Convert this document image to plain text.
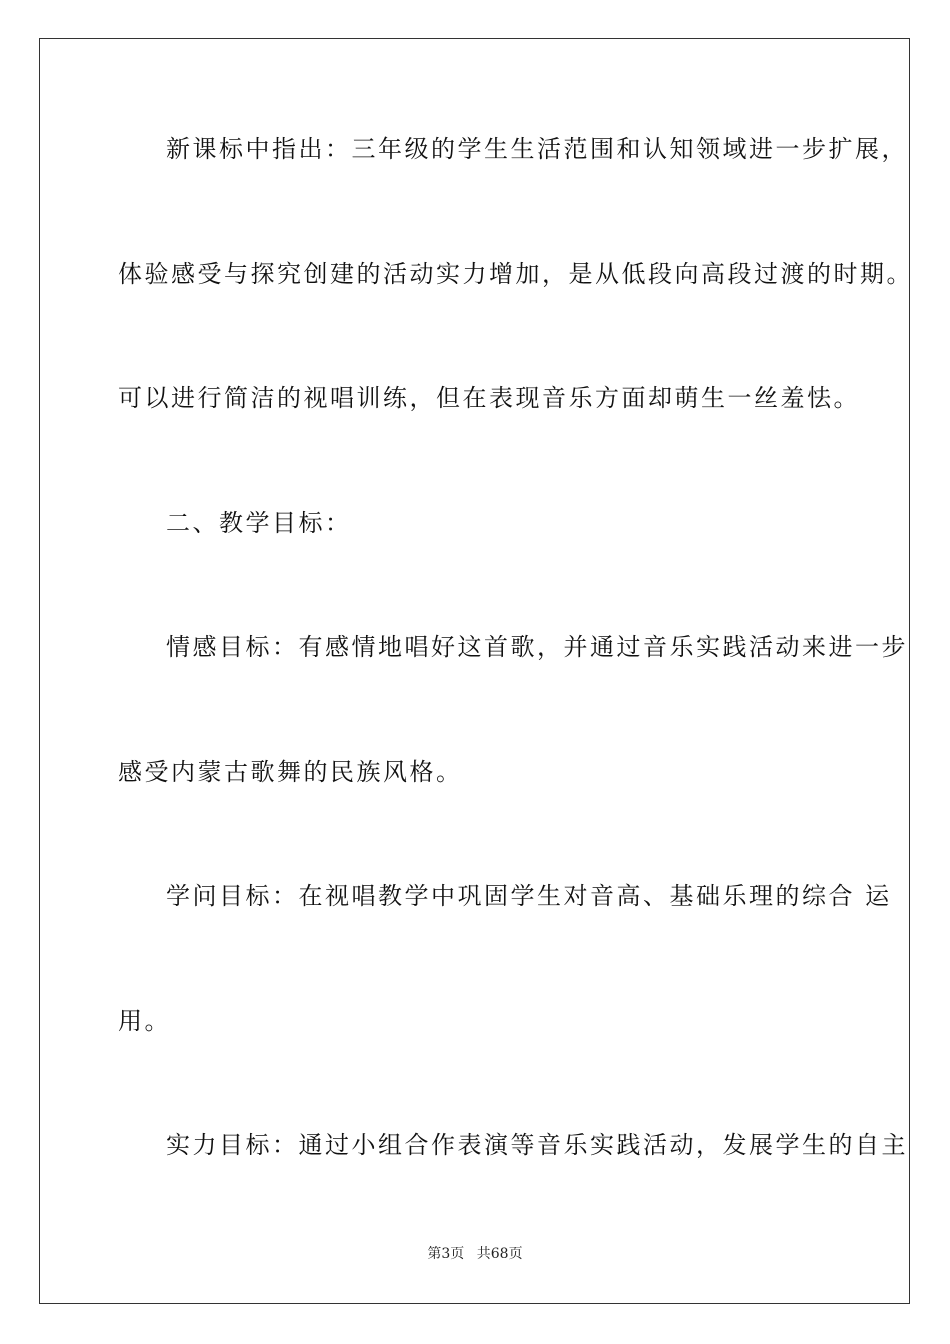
新课标中指出：三年级的学生生活范围和认知领域进一步扩展，
体验感受与探究创建的活动实力增加，是从低段向高段过渡的时期。
可以进行简洁的视唱训练，但在表现音乐方面却萌生一丝羞怯。
二、教学目标：
情感目标：有感情地唱好这首歌，并通过音乐实践活动来进一步
感受内蒙古歌舞的民族风格。
学问目标：在视唱教学中巩固学生对音高、基础乐理的综合 运
用。
实力目标：通过小组合作表演等音乐实践活动，发展学生的自主
第3页 共68页
